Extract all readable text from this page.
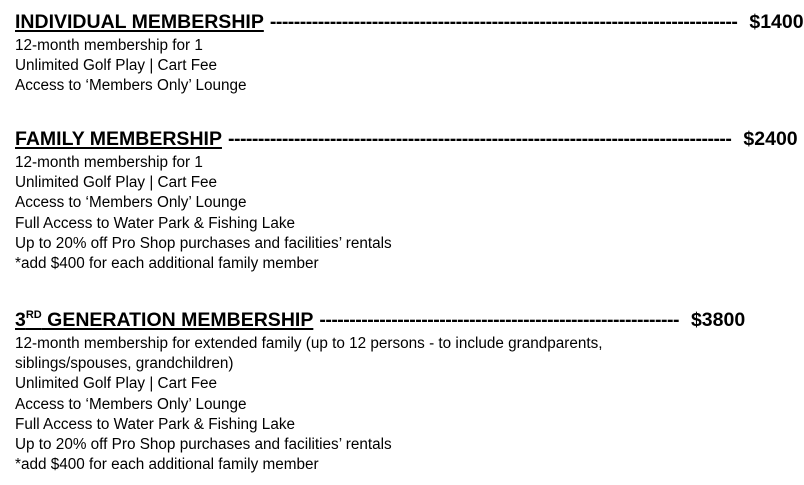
INDIVIDUAL MEMBERSHIP ------------------------------------------------------------------------------ $1400
12-month membership for 1
Unlimited Golf Play | Cart Fee
Access to ‘Members Only’ Lounge
FAMILY MEMBERSHIP ------------------------------------------------------------------------------------ $2400
12-month membership for 1
Unlimited Golf Play | Cart Fee
Access to ‘Members Only’ Lounge
Full Access to Water Park & Fishing Lake
Up to 20% off Pro Shop purchases and facilities’ rentals
*add $400 for each additional family member
3RD GENERATION MEMBERSHIP ------------------------------------------------------------ $3800
12-month membership for extended family (up to 12 persons - to include grandparents, siblings/spouses, grandchildren)
Unlimited Golf Play | Cart Fee
Access to ‘Members Only’ Lounge
Full Access to Water Park & Fishing Lake
Up to 20% off Pro Shop purchases and facilities’ rentals
*add $400 for each additional family member
